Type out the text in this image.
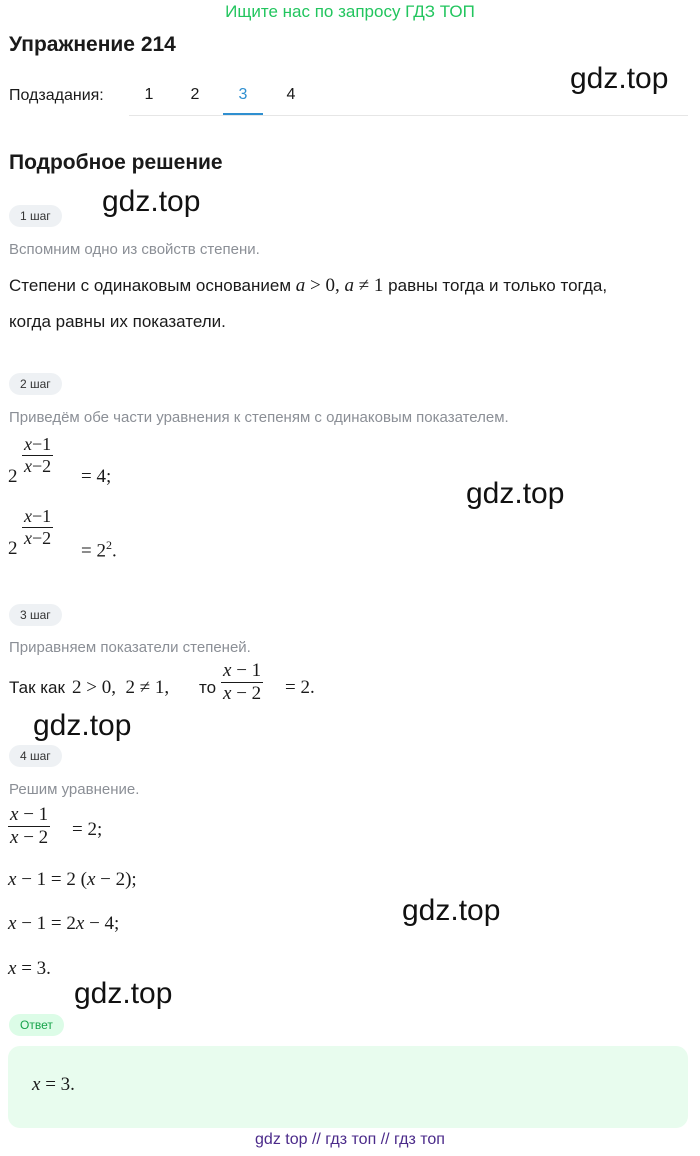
Ищите нас по запросу ГДЗ ТОП
Упражнение 214
Подзадания:	1	2	3	4	gdz.top
gdz.top
gdz.top
gdz.top
gdz.top
gdz.top
Подробное решение
1 шаг
Вспомним одно из свойств степени.
Степени с одинаковым основанием a > 0, a ≠ 1 равны тогда и только тогда,
когда равны их показатели.
2 шаг
Приведём обе части уравнения к степеням с одинаковым показателем.
$2 \frac{x-1}{x-2} = 4$;
$2 \frac{x-1}{x-2}$
= $2^2$.
3 шаг
Приравняем показатели степеней.
Так как 2 > 0,  2 ≠ 1, то $\frac{x - 1}{x - 2} = 2$.
4 шаг
Решим уравнение.
$\frac{x - 1}{x - 2} = 2$;
x − 1 = 2 (x − 2);
x − 1 = 2x − 4;
x = 3.
Ответ
x = 3.
gdz top // гдз топ // гдз топ
